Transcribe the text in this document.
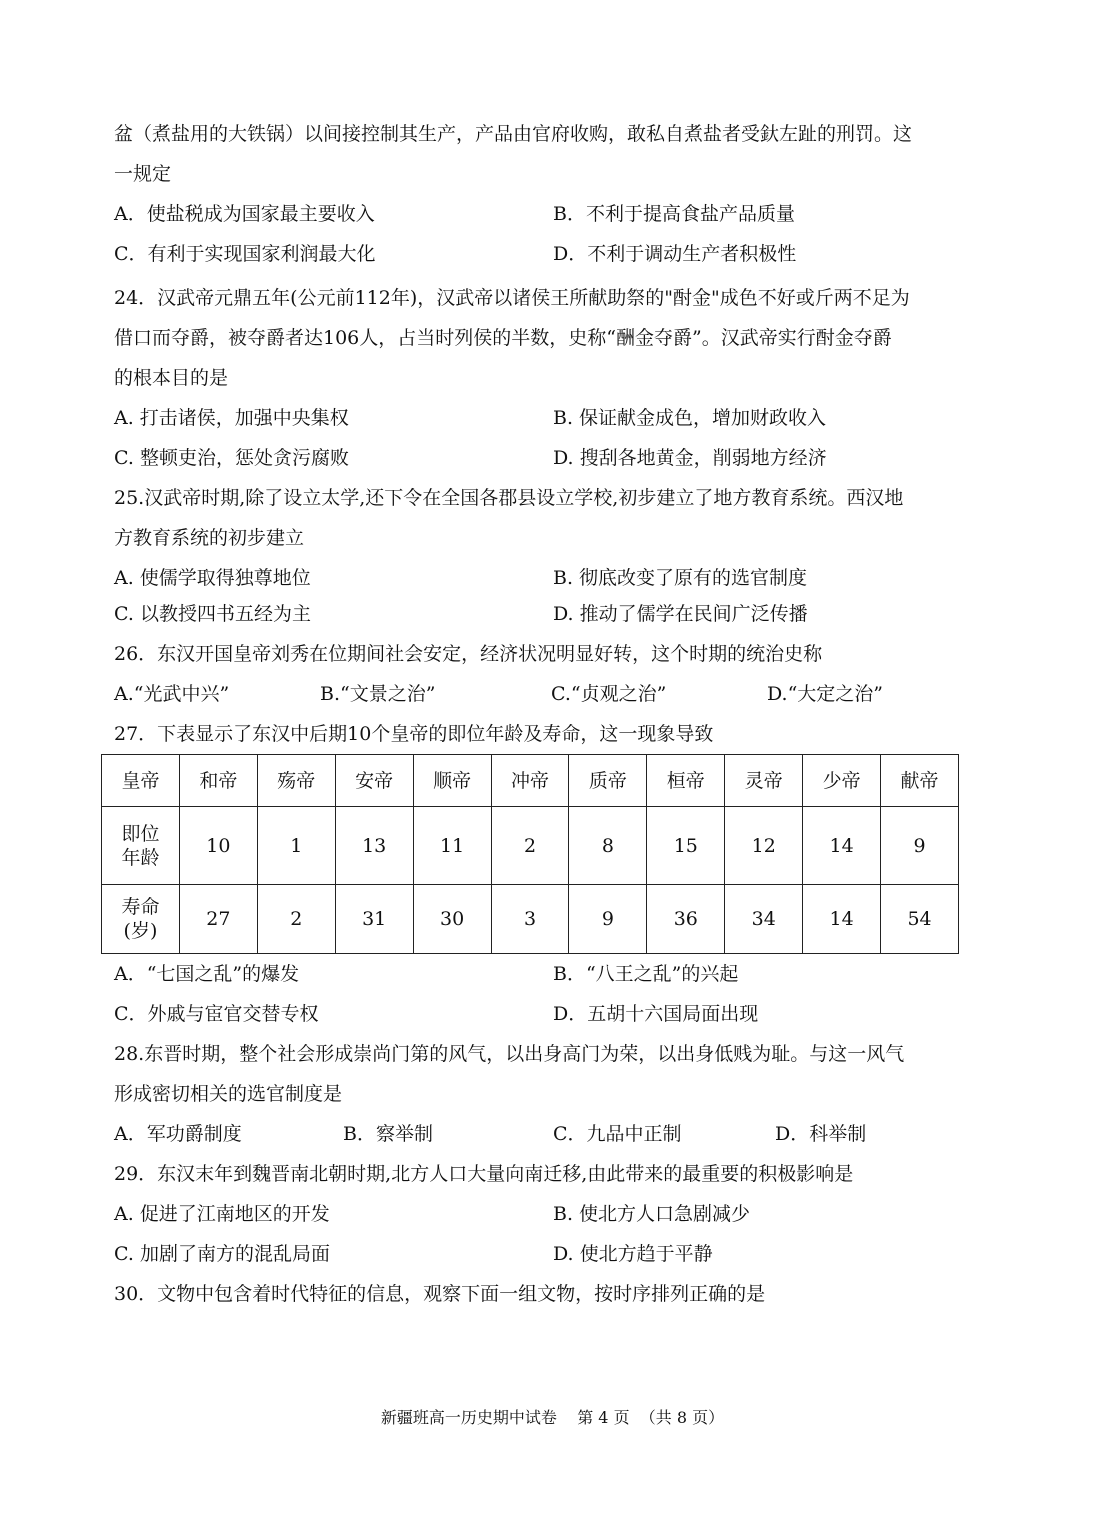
盆（煮盐用的大铁锅）以间接控制其生产，产品由官府收购，敢私自煮盐者受釱左趾的刑罚。这
一规定
A．使盐税成为国家最主要收入	B．不利于提高食盐产品质量
C．有利于实现国家利润最大化	D．不利于调动生产者积极性
24．汉武帝元鼎五年(公元前112年)，汉武帝以诸侯王所献助祭的"酎金"成色不好或斤两不足为
借口而夺爵，被夺爵者达106人，占当时列侯的半数，史称“酬金夺爵”。汉武帝实行酎金夺爵
的根本目的是
A. 打击诸侯，加强中央集权	B. 保证献金成色，增加财政收入
C. 整顿吏治，惩处贪污腐败	D. 搜刮各地黄金，削弱地方经济
25.汉武帝时期,除了设立太学,还下令在全国各郡县设立学校,初步建立了地方教育系统。西汉地
方教育系统的初步建立
A. 使儒学取得独尊地位	B. 彻底改变了原有的选官制度
C. 以教授四书五经为主	D. 推动了儒学在民间广泛传播
26．东汉开国皇帝刘秀在位期间社会安定，经济状况明显好转，这个时期的统治史称
A.“光武中兴”	B.“文景之治”	C.“贞观之治”	D.“大定之治”
27．下表显示了东汉中后期10个皇帝的即位年龄及寿命，这一现象导致
皇帝	和帝	殇帝	安帝	顺帝	冲帝	质帝	桓帝	灵帝	少帝	献帝
即位
年龄	10	1	13	11	2	8	15	12	14	9
寿命
(岁)	27	2	31	30	3	9	36	34	14	54
A．“七国之乱”的爆发	B．“八王之乱”的兴起
C．外戚与宦官交替专权	D．五胡十六国局面出现
28.东晋时期，整个社会形成崇尚门第的风气，以出身高门为荣，以出身低贱为耻。与这一风气
形成密切相关的选官制度是
A．军功爵制度	B．察举制	C．九品中正制	D．科举制
29．东汉末年到魏晋南北朝时期,北方人口大量向南迁移,由此带来的最重要的积极影响是
A. 促进了江南地区的开发	B. 使北方人口急剧减少
C. 加剧了南方的混乱局面	D. 使北方趋于平静
30．文物中包含着时代特征的信息，观察下面一组文物，按时序排列正确的是
新疆班高一历史期中试卷    第 4 页  （共 8 页）
